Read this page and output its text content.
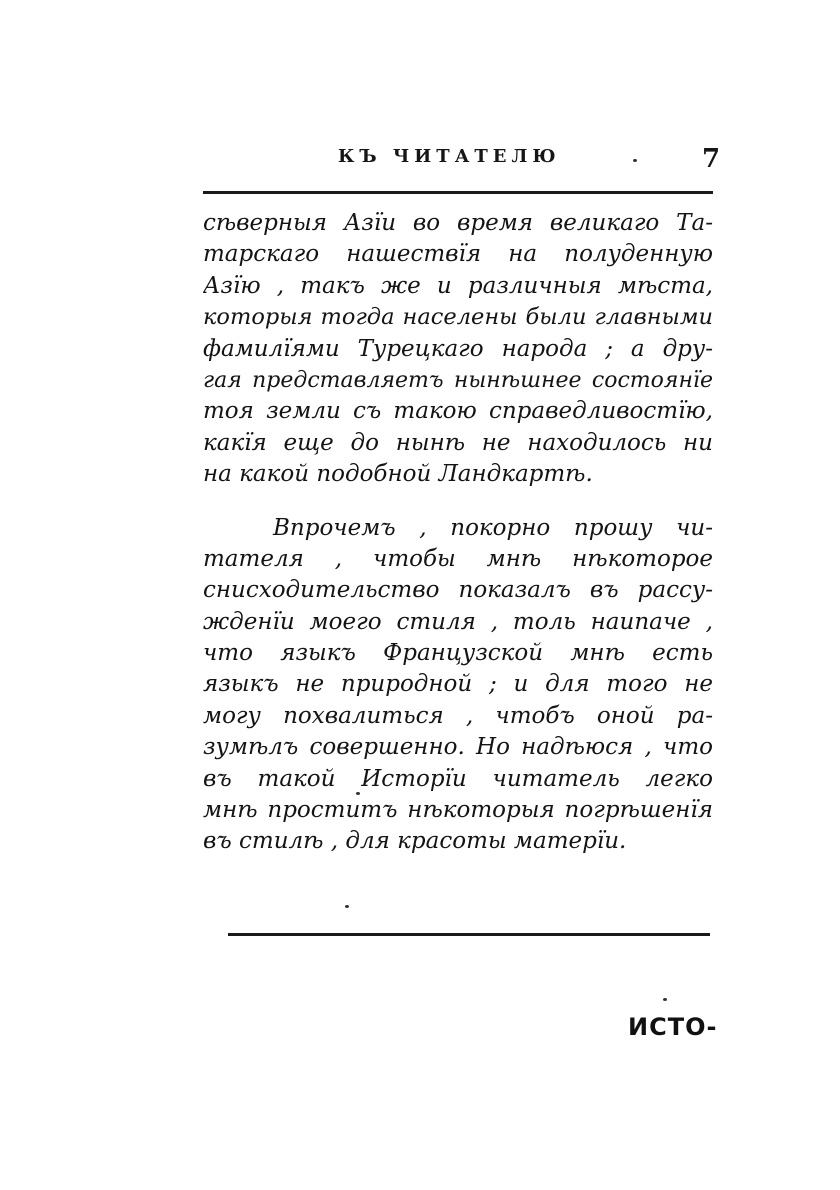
КЪ ЧИТАТЕЛЮ	7
сѣверныя Азïи во время великаго Та-
тарскаго нашествïя на полуденную
Азïю , такъ же и различныя мѣста,
которыя тогда населены были главными
фамилïями Турецкаго народа ; а дру-
гая представляетъ нынѣшнее состоянïе
тоя земли съ такою справедливостïю,
какïя еще до нынѣ не находилось ни
на какой подобной Ландкартѣ.
Впрочемъ , покорно прошу чи-
тателя , чтобы мнѣ нѣкоторое
снисходительство показалъ въ рассу-
жденïи моего стиля , толь наипаче ,
что языкъ Французской мнѣ есть
языкъ не природной ; и для того не
могу похвалиться , чтобъ оной ра-
зумѣлъ совершенно. Но надѣюся , что
въ такой Исторïи читатель легко
мнѣ проститъ нѣкоторыя погрѣшенïя
въ стилѣ , для красоты матерïи.
ИСТО-
